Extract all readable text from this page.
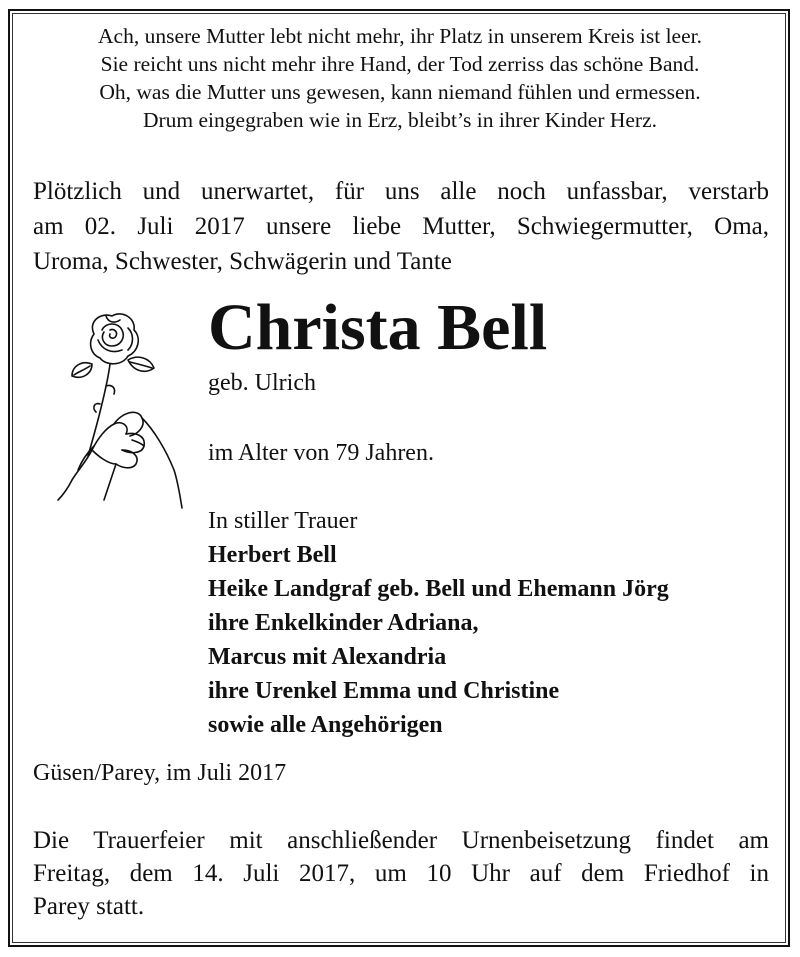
Ach, unsere Mutter lebt nicht mehr, ihr Platz in unserem Kreis ist leer.
Sie reicht uns nicht mehr ihre Hand, der Tod zerriss das schöne Band.
Oh, was die Mutter uns gewesen, kann niemand fühlen und ermessen.
Drum eingegraben wie in Erz, bleibt’s in ihrer Kinder Herz.
Plötzlich und unerwartet, für uns alle noch unfassbar, verstarb
am 02. Juli 2017 unsere liebe Mutter, Schwiegermutter, Oma,
Uroma, Schwester, Schwägerin und Tante
Christa Bell
geb. Ulrich
im Alter von 79 Jahren.
In stiller Trauer
Herbert Bell
Heike Landgraf geb. Bell und Ehemann Jörg
ihre Enkelkinder Adriana,
Marcus mit Alexandria
ihre Urenkel Emma und Christine
sowie alle Angehörigen
Güsen/Parey, im Juli 2017
Die Trauerfeier mit anschließender Urnenbeisetzung findet am
Freitag, dem 14. Juli 2017, um 10 Uhr auf dem Friedhof in
Parey statt.
